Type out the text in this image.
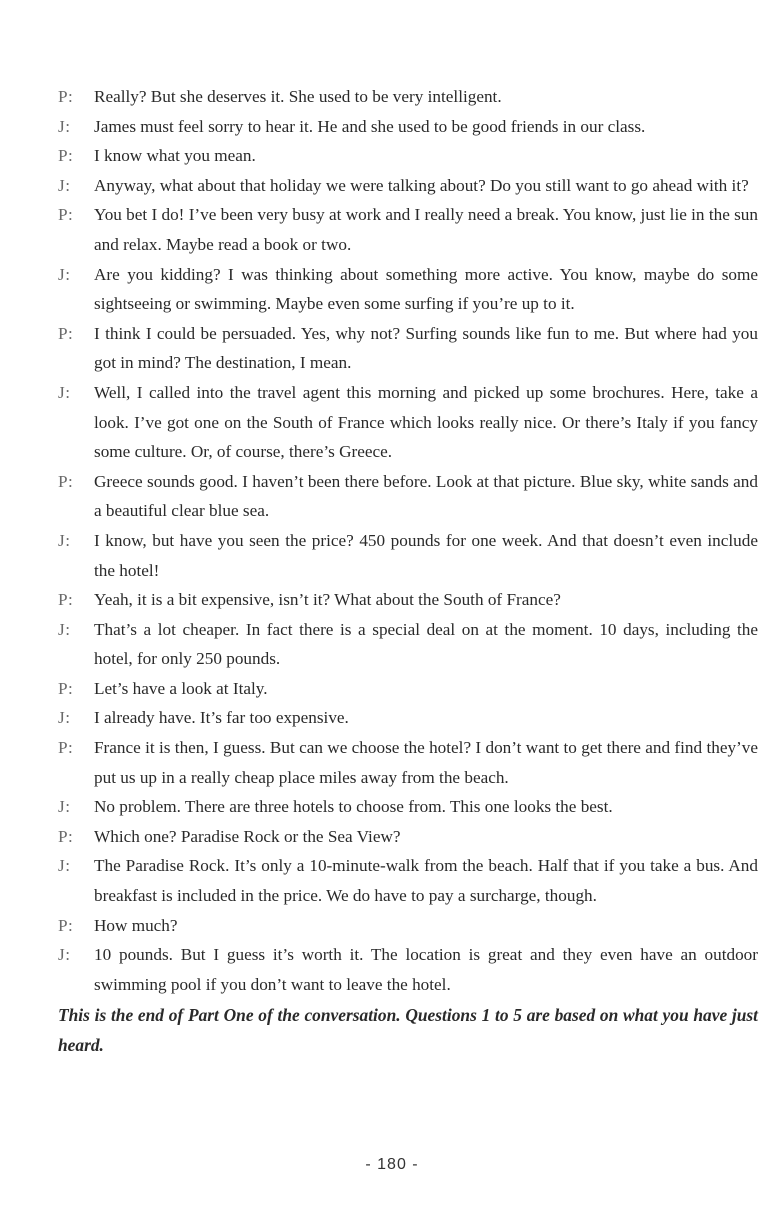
P:	Really? But she deserves it. She used to be very intelligent.
J:	James must feel sorry to hear it. He and she used to be good friends in our class.
P:	I know what you mean.
J:	Anyway, what about that holiday we were talking about? Do you still want to go ahead with it?
P:	You bet I do! I’ve been very busy at work and I really need a break. You know, just lie in the sun and relax. Maybe read a book or two.
J:	Are you kidding? I was thinking about something more active. You know, maybe do some sightseeing or swimming. Maybe even some surfing if you’re up to it.
P:	I think I could be persuaded. Yes, why not? Surfing sounds like fun to me. But where had you got in mind? The destination, I mean.
J:	Well, I called into the travel agent this morning and picked up some brochures. Here, take a look. I’ve got one on the South of France which looks really nice. Or there’s Italy if you fancy some culture. Or, of course, there’s Greece.
P:	Greece sounds good. I haven’t been there before. Look at that picture. Blue sky, white sands and a beautiful clear blue sea.
J:	I know, but have you seen the price? 450 pounds for one week. And that doesn’t even include the hotel!
P:	Yeah, it is a bit expensive, isn’t it? What about the South of France?
J:	That’s a lot cheaper. In fact there is a special deal on at the moment. 10 days, including the hotel, for only 250 pounds.
P:	Let’s have a look at Italy.
J:	I already have. It’s far too expensive.
P:	France it is then, I guess. But can we choose the hotel? I don’t want to get there and find they’ve put us up in a really cheap place miles away from the beach.
J:	No problem. There are three hotels to choose from. This one looks the best.
P:	Which one? Paradise Rock or the Sea View?
J:	The Paradise Rock. It’s only a 10-minute-walk from the beach. Half that if you take a bus. And breakfast is included in the price. We do have to pay a surcharge, though.
P:	How much?
J:	10 pounds. But I guess it’s worth it. The location is great and they even have an outdoor swimming pool if you don’t want to leave the hotel.
This is the end of Part One of the conversation. Questions 1 to 5 are based on what you have just heard.
- 180 -
